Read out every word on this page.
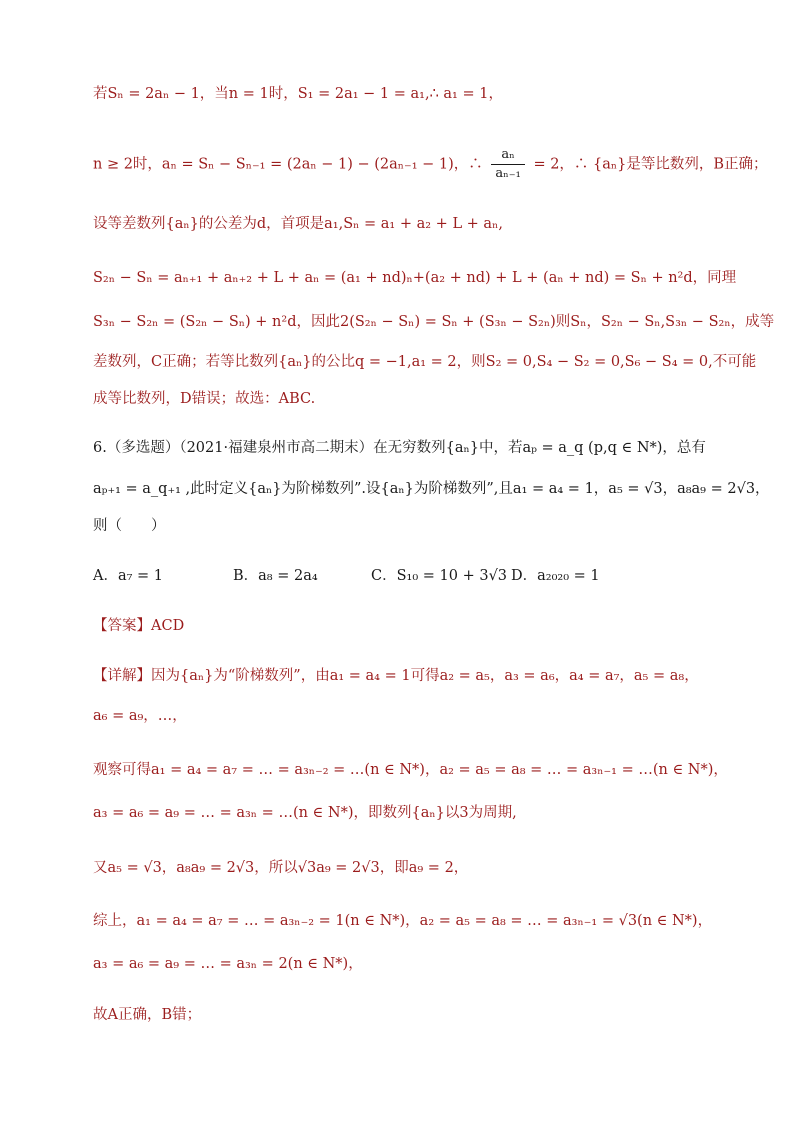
若Sₙ = 2aₙ − 1，当n = 1时，S₁ = 2a₁ − 1 = a₁,∴ a₁ = 1，
n ≥ 2时，aₙ = Sₙ − Sₙ₋₁ = (2aₙ − 1) − (2aₙ₋₁ − 1)，∴ $\frac{\text{aₙ}}{\text{aₙ₋₁}} = 2$，∴ {aₙ}是等比数列，B正确；
设等差数列{aₙ}的公差为d，首项是a₁,Sₙ = a₁ + a₂ + L + aₙ,
S₂ₙ − Sₙ = aₙ₊₁ + aₙ₊₂ + L + aₙ = (a₁ + nd)ₙ+(a₂ + nd) + L + (aₙ + nd) = Sₙ + n²d，同理
S₃ₙ − S₂ₙ = (S₂ₙ − Sₙ) + n²d，因此2(S₂ₙ − Sₙ) = Sₙ + (S₃ₙ − S₂ₙ)则Sₙ，S₂ₙ − Sₙ,S₃ₙ − S₂ₙ，成等
差数列，C正确；若等比数列{aₙ}的公比q = −1,a₁ = 2，则S₂ = 0,S₄ − S₂ = 0,S₆ − S₄ = 0,不可能
成等比数列，D错误；故选：ABC.
6.（多选题）（2021·福建泉州市高二期末）在无穷数列{aₙ}中，若aₚ = a_q (p,q ∈ N*)，总有
aₚ₊₁ = a_q₊₁ ,此时定义{aₙ}为阶梯数列”.设{aₙ}为阶梯数列”,且a₁ = a₄ = 1，a₅ = √3，a₈a₉ = 2√3，
则（　　）
A．a₇ = 1	B．a₈ = 2a₄	C．S₁₀ = 10 + 3√3 D．a₂₀₂₀ = 1
【答案】ACD
【详解】因为{aₙ}为“阶梯数列”，由a₁ = a₄ = 1可得a₂ = a₅，a₃ = a₆，a₄ = a₇，a₅ = a₈，
a₆ = a₉，…，
观察可得a₁ = a₄ = a₇ = … = a₃ₙ₋₂ = …(n ∈ N*)，a₂ = a₅ = a₈ = … = a₃ₙ₋₁ = …(n ∈ N*)，
a₃ = a₆ = a₉ = … = a₃ₙ = …(n ∈ N*)，即数列{aₙ}以3为周期,
又a₅ = √3，a₈a₉ = 2√3，所以√3a₉ = 2√3，即a₉ = 2，
综上，a₁ = a₄ = a₇ = … = a₃ₙ₋₂ = 1(n ∈ N*)，a₂ = a₅ = a₈ = … = a₃ₙ₋₁ = √3(n ∈ N*)，
a₃ = a₆ = a₉ = … = a₃ₙ = 2(n ∈ N*)，
故A正确，B错；
